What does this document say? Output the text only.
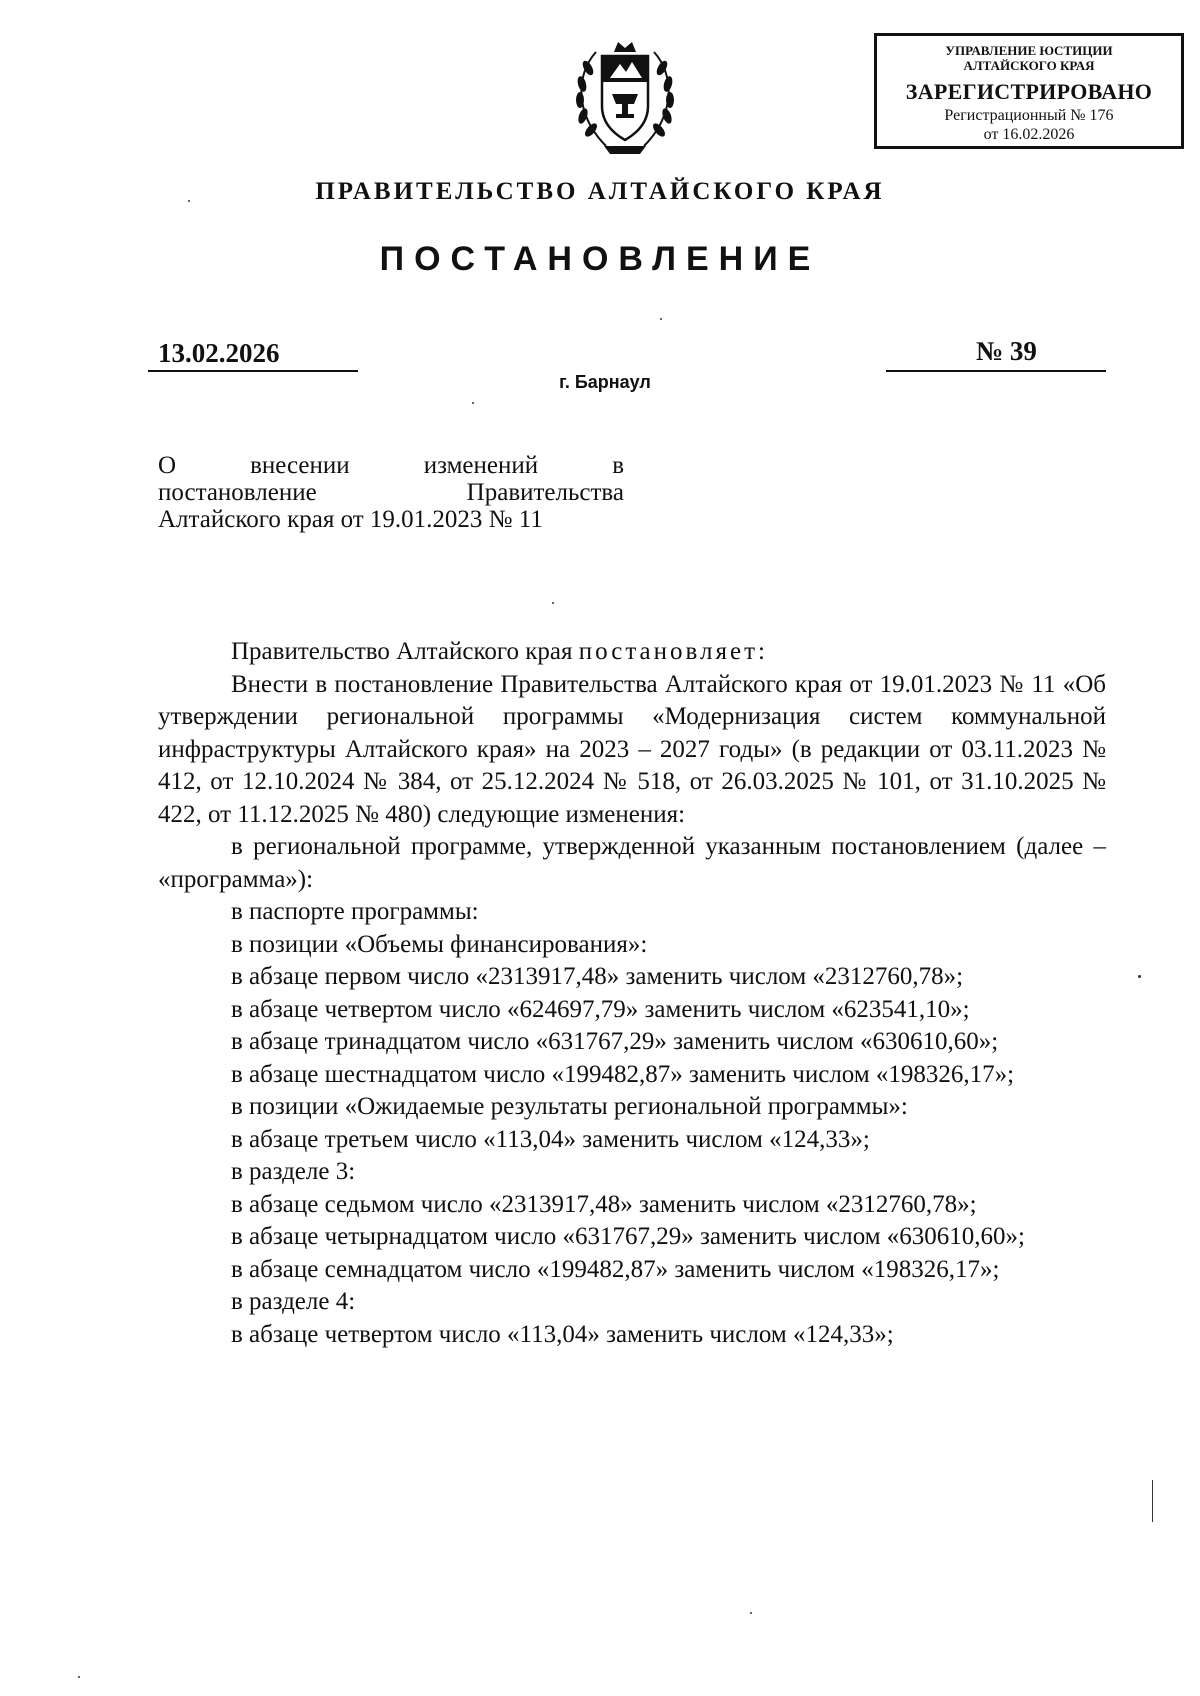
УПРАВЛЕНИЕ ЮСТИЦИИ
АЛТАЙСКОГО КРАЯ
ЗАРЕГИСТРИРОВАНО
Регистрационный № 176
от 16.02.2026
ПРАВИТЕЛЬСТВО АЛТАЙСКОГО КРАЯ
ПОСТАНОВЛЕНИЕ
13.02.2026	№ 39
г. Барнаул
О внесении изменений в
постановление Правительства
Алтайского края от 19.01.2023 № 11

Правительство Алтайского края постановляет:

Внести в постановление Правительства Алтайского края от 19.01.2023 № 11 «Об утверждении региональной программы «Модернизация систем коммунальной инфраструктуры Алтайского края» на 2023 – 2027 годы» (в редакции от 03.11.2023 № 412, от 12.10.2024 № 384, от 25.12.2024 № 518, от 26.03.2025 № 101, от 31.10.2025 № 422, от 11.12.2025 № 480) следующие изменения:

в региональной программе, утвержденной указанным постановлением (далее – «программа»):

в паспорте программы:

в позиции «Объемы финансирования»:

в абзаце первом число «2313917,48» заменить числом «2312760,78»;

в абзаце четвертом число «624697,79» заменить числом «623541,10»;

в абзаце тринадцатом число «631767,29» заменить числом «630610,60»;

в абзаце шестнадцатом число «199482,87» заменить числом «198326,17»;

в позиции «Ожидаемые результаты региональной программы»:

в абзаце третьем число «113,04» заменить числом «124,33»;

в разделе 3:

в абзаце седьмом число «2313917,48» заменить числом «2312760,78»;

в абзаце четырнадцатом число «631767,29» заменить числом «630610,60»;

в абзаце семнадцатом число «199482,87» заменить числом «198326,17»;

в разделе 4:

в абзаце четвертом число «113,04» заменить числом «124,33»;
